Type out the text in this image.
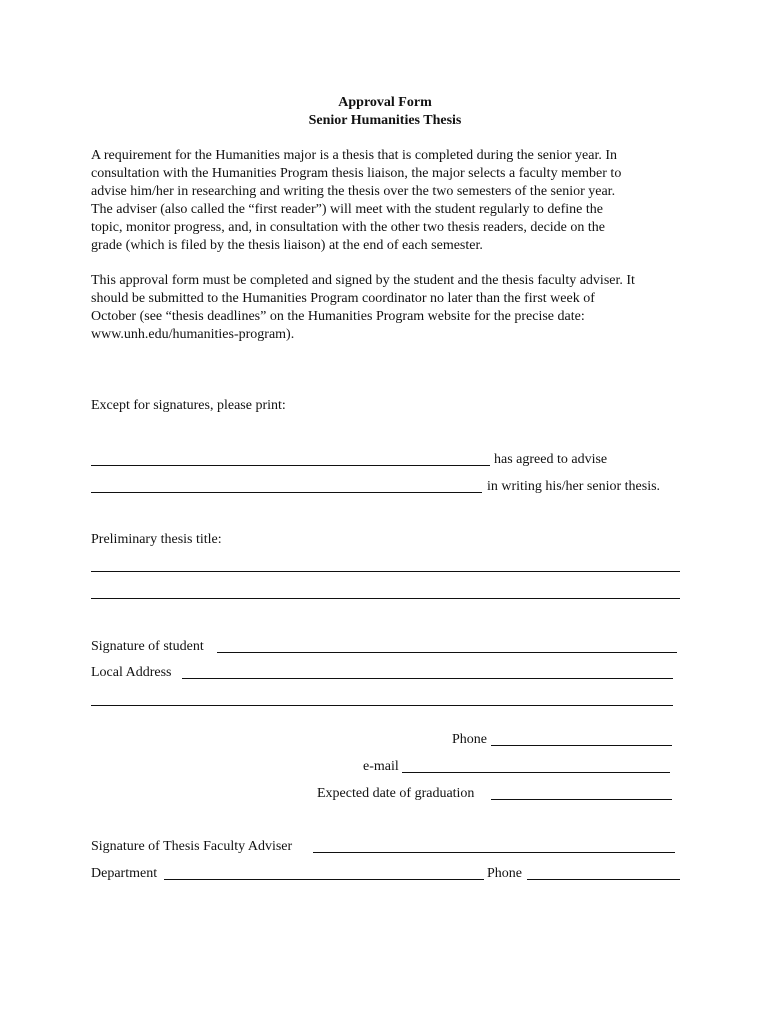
Approval Form
Senior Humanities Thesis

A requirement for the Humanities major is a thesis that is completed during the senior year. In
consultation with the Humanities Program thesis liaison, the major selects a faculty member to
advise him/her in researching and writing the thesis over the two semesters of the senior year.
The adviser (also called the “first reader”) will meet with the student regularly to define the
topic, monitor progress, and, in consultation with the other two thesis readers, decide on the
grade (which is filed by the thesis liaison) at the end of each semester.

This approval form must be completed and signed by the student and the thesis faculty adviser. It
should be submitted to the Humanities Program coordinator no later than the first week of
October (see “thesis deadlines” on the Humanities Program website for the precise date:
www.unh.edu/humanities-program).

Except for signatures, please print:
has agreed to advise
in writing his/her senior thesis.
Preliminary thesis title:
Signature of student
Local Address
Phone
e-mail
Expected date of graduation
Signature of Thesis Faculty Adviser
Department	Phone
